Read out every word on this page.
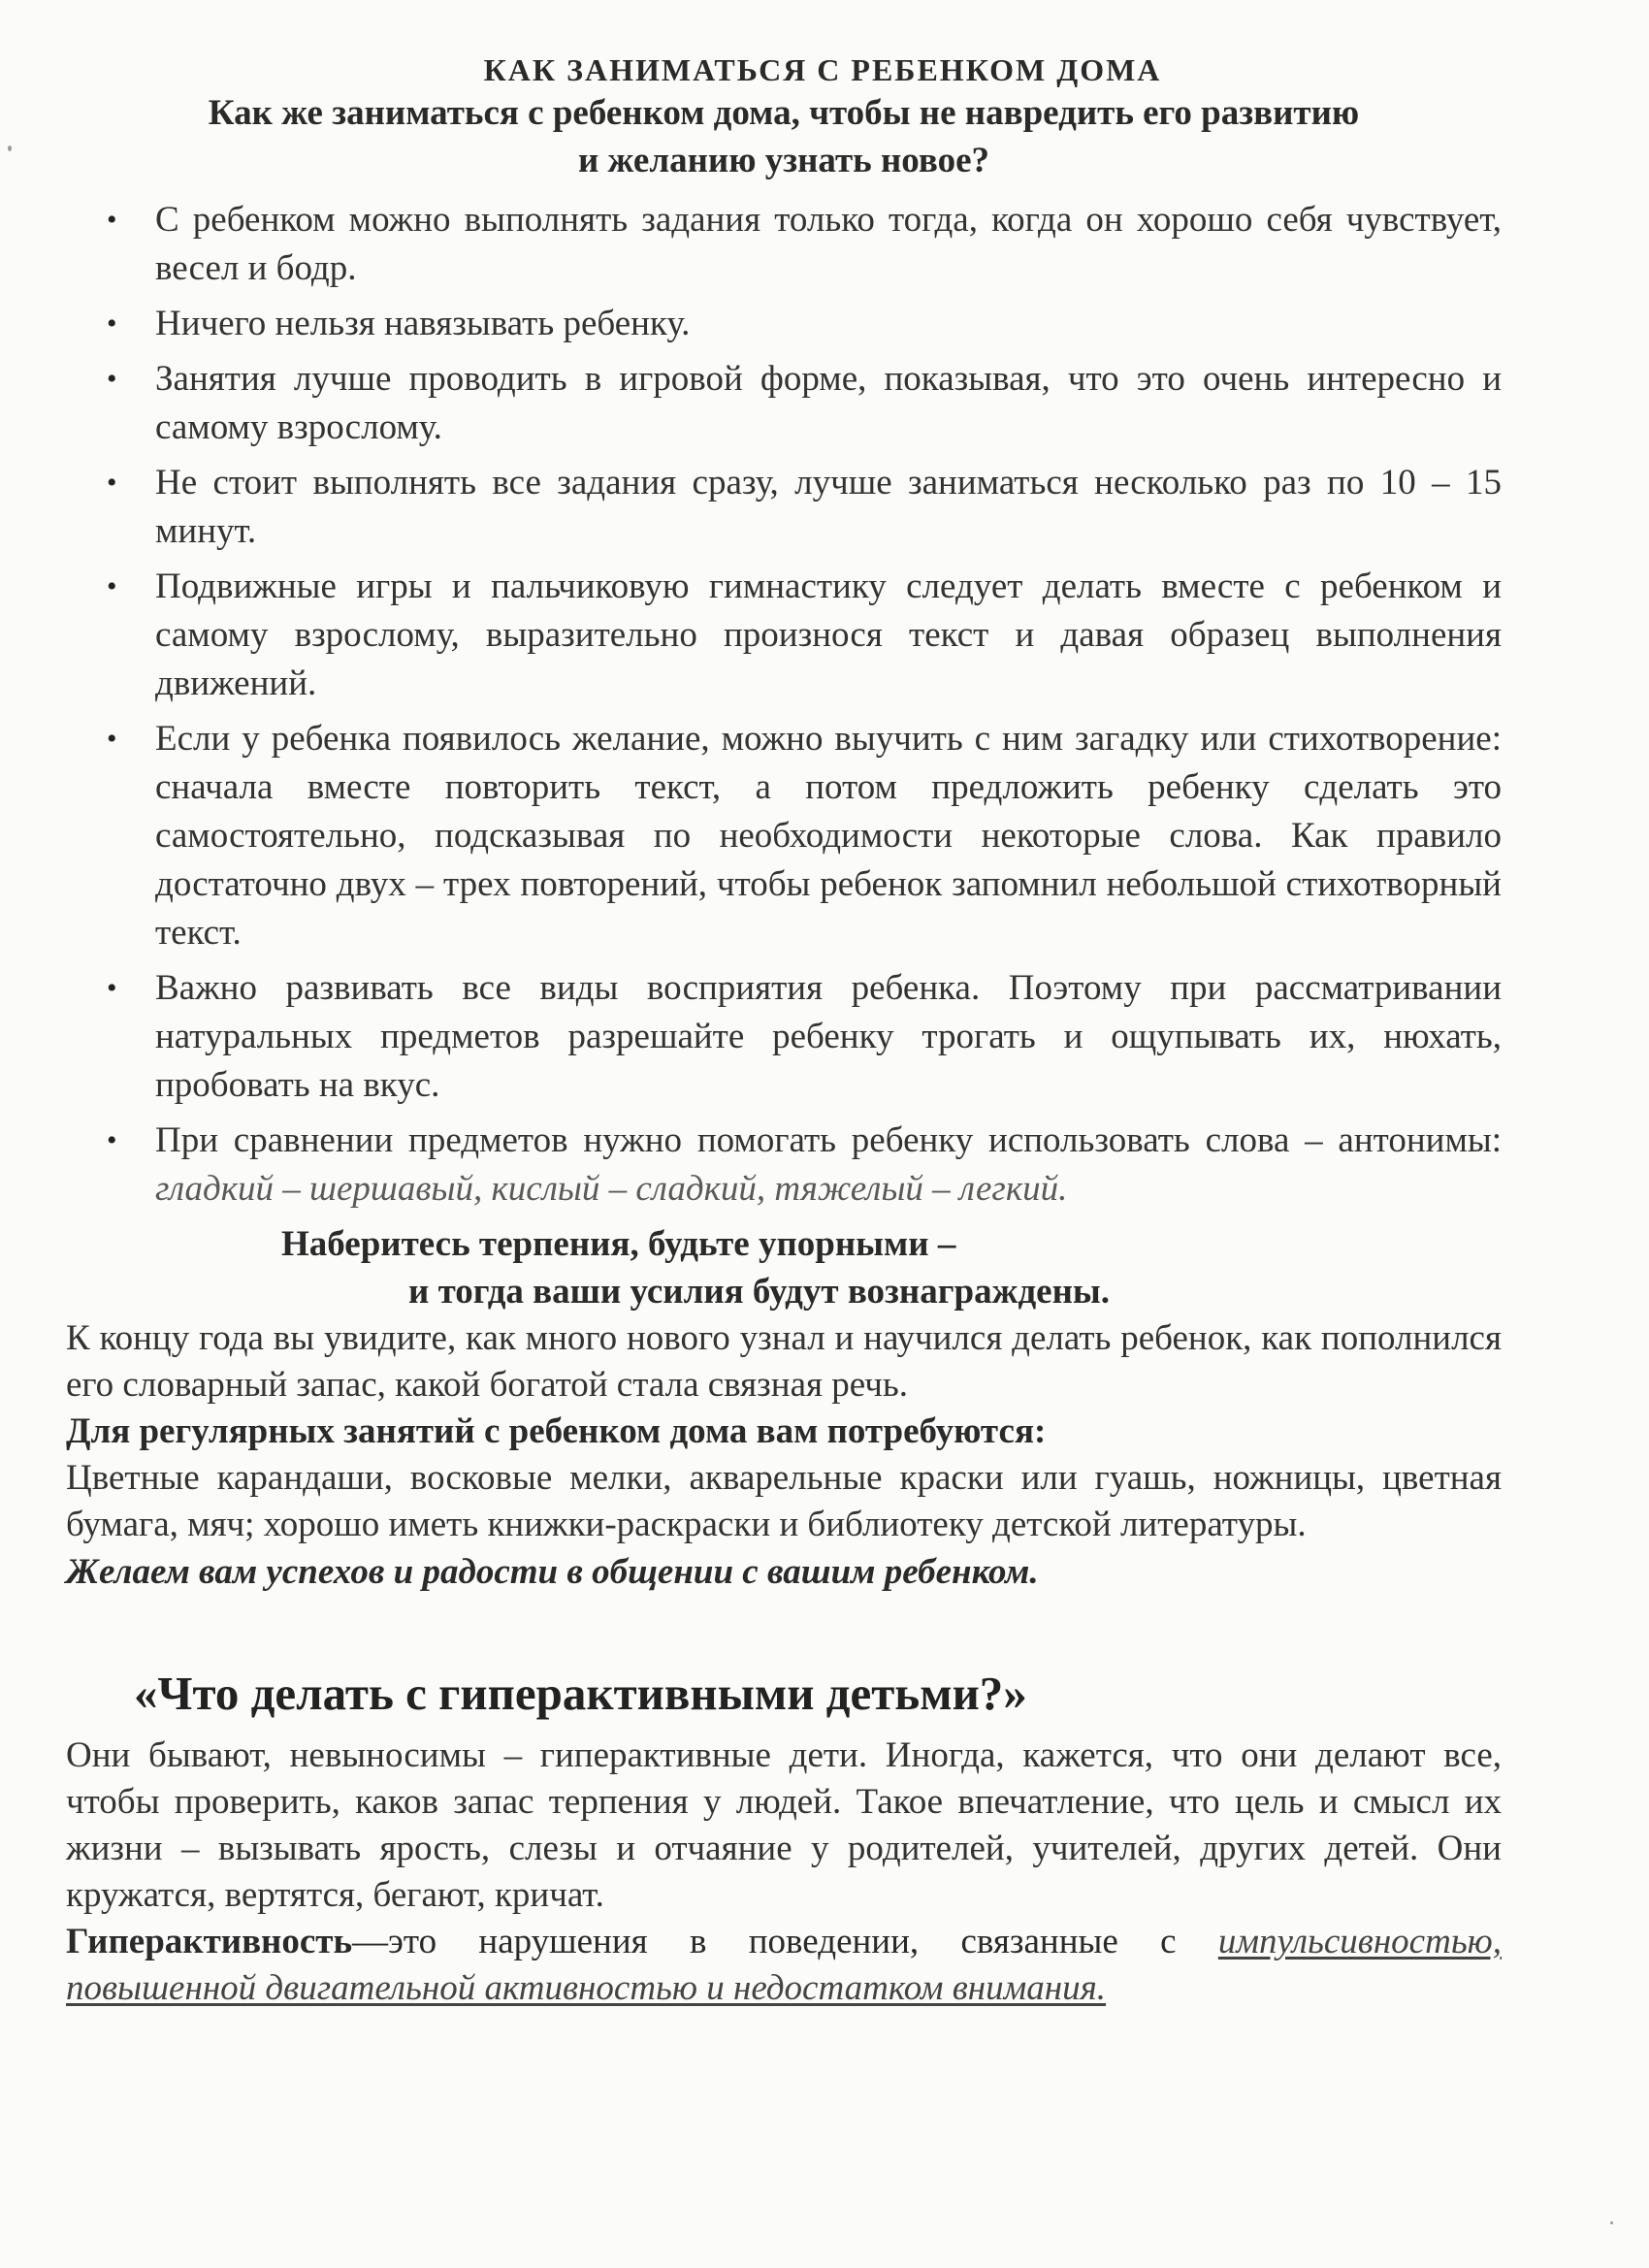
КАК ЗАНИМАТЬСЯ С РЕБЕНКОМ ДОМА
Как же заниматься с ребенком дома, чтобы не навредить его развитию
и желанию узнать новое?
• С ребенком можно выполнять задания только тогда, когда он хорошо себя чувствует, весел и бодр.
• Ничего нельзя навязывать ребенку.
• Занятия лучше проводить в игровой форме, показывая, что это очень интересно и самому взрослому.
• Не стоит выполнять все задания сразу, лучше заниматься несколько раз по 10 – 15 минут.
• Подвижные игры и пальчиковую гимнастику следует делать вместе с ребенком и самому взрослому, выразительно произнося текст и давая образец выполнения движений.
• Если у ребенка появилось желание, можно выучить с ним загадку или стихотворение: сначала вместе повторить текст, а потом предложить ребенку сделать это самостоятельно, подсказывая по необходимости некоторые слова. Как правило достаточно двух – трех повторений, чтобы ребенок запомнил небольшой стихотворный текст.
• Важно развивать все виды восприятия ребенка. Поэтому при рассматривании натуральных предметов разрешайте ребенку трогать и ощупывать их, нюхать, пробовать на вкус.
• При сравнении предметов нужно помогать ребенку использовать слова – антонимы: гладкий – шершавый, кислый – сладкий, тяжелый – легкий.
Наберитесь терпения, будьте упорными –
и тогда ваши усилия будут вознаграждены.

К концу года вы увидите, как много нового узнал и научился делать ребенок, как пополнился его словарный запас, какой богатой стала связная речь.

Для регулярных занятий с ребенком дома вам потребуются:

Цветные карандаши, восковые мелки, акварельные краски или гуашь, ножницы, цветная бумага, мяч; хорошо иметь книжки-раскраски и библиотеку детской литературы.

Желаем вам успехов и радости в общении с вашим ребенком.

«Что делать с гиперактивными детьми?»

Они бывают, невыносимы – гиперактивные дети. Иногда, кажется, что они делают все, чтобы проверить, каков запас терпения у людей. Такое впечатление, что цель и смысл их жизни – вызывать ярость, слезы и отчаяние у родителей, учителей, других детей. Они кружатся, вертятся, бегают, кричат.

Гиперактивность—это нарушения в поведении, связанные с импульсивностью, повышенной двигательной активностью и недостатком внимания.
